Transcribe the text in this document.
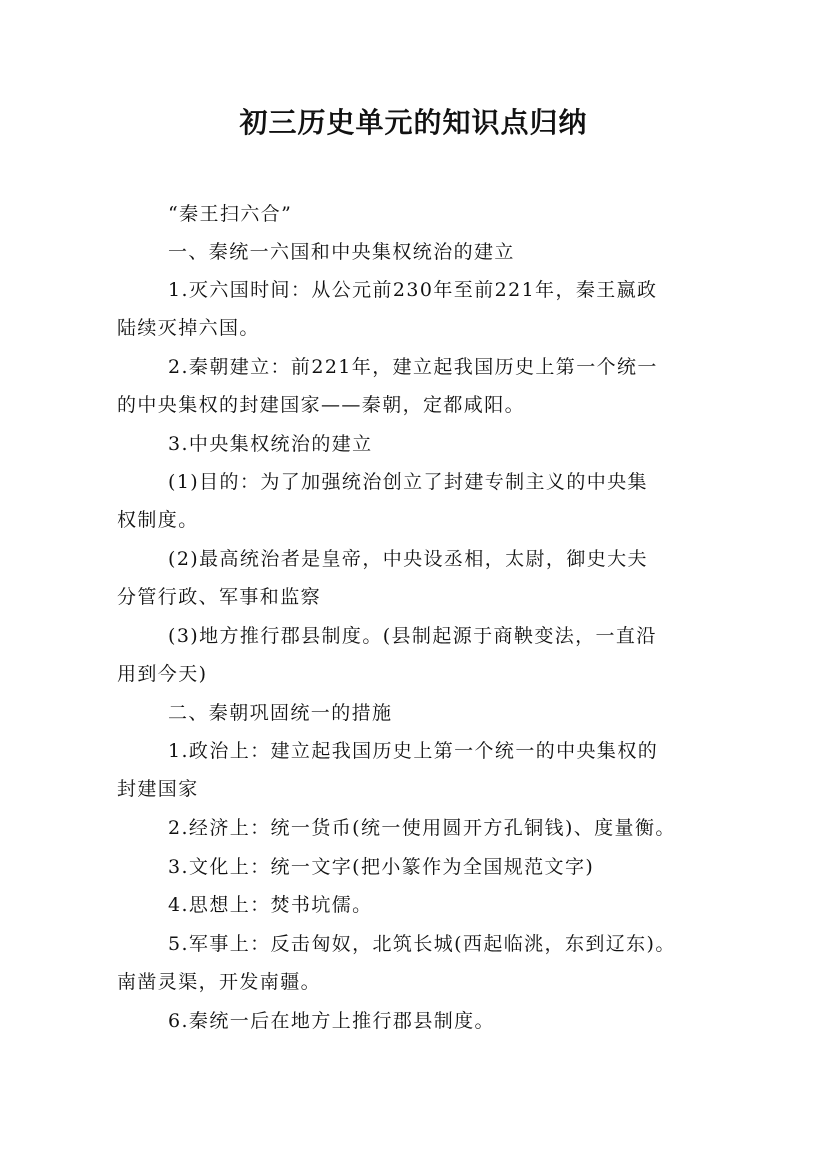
初三历史单元的知识点归纳

“秦王扫六合”

一、秦统一六国和中央集权统治的建立

1.灭六国时间：从公元前230年至前221年，秦王嬴政

陆续灭掉六国。

2.秦朝建立：前221年，建立起我国历史上第一个统一

的中央集权的封建国家——秦朝，定都咸阳。

3.中央集权统治的建立

(1)目的：为了加强统治创立了封建专制主义的中央集

权制度。

(2)最高统治者是皇帝，中央设丞相，太尉，御史大夫

分管行政、军事和监察

(3)地方推行郡县制度。(县制起源于商鞅变法，一直沿

用到今天)

二、秦朝巩固统一的措施

1.政治上：建立起我国历史上第一个统一的中央集权的

封建国家

2.经济上：统一货币(统一使用圆开方孔铜钱)、度量衡。

3.文化上：统一文字(把小篆作为全国规范文字)

4.思想上：焚书坑儒。

5.军事上：反击匈奴，北筑长城(西起临洮，东到辽东)。

南凿灵渠，开发南疆。

6.秦统一后在地方上推行郡县制度。
